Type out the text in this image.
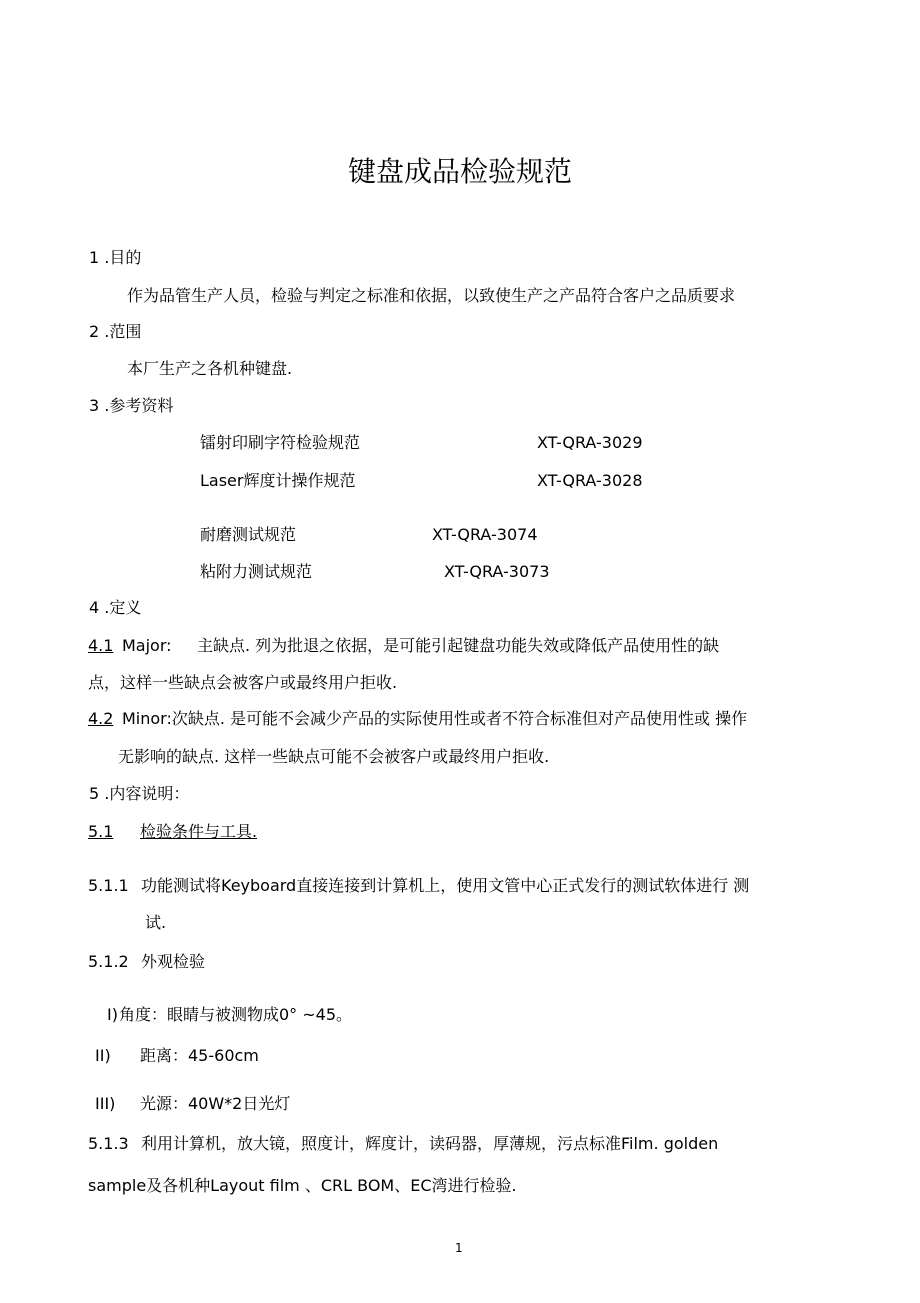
键盘成品检验规范
1 .目的
作为品管生产人员，检验与判定之标准和依据，以致使生产之产品符合客户之品质要求
2 .范围
本厂生产之各机种键盘.
3 .参考资料
镭射印刷字符检验规范	XT-QRA-3029
Laser辉度计操作规范	XT-QRA-3028
耐磨测试规范	XT-QRA-3074
粘附力测试规范	XT-QRA-3073
4 .定义
4.1 Major: 主缺点. 列为批退之依据，是可能引起键盘功能失效或降低产品使用性的缺
点，这样一些缺点会被客户或最终用户拒收.
4.2 Minor:次缺点. 是可能不会减少产品的实际使用性或者不符合标准但对产品使用性或 操作
无影响的缺点. 这样一些缺点可能不会被客户或最终用户拒收.
5 .内容说明：
5.1 检验条件与工具.
5.1.1 功能测试将Keyboard直接连接到计算机上，使用文管中心正式发行的测试软体进行 测
试.
5.1.2 外观检验
I) 角度：眼睛与被测物成0° ~45。
II) 距离：45-60cm
III) 光源：40W*2日光灯
5.1.3 利用计算机，放大镜，照度计，辉度计，读码器，厚薄规，污点标准Film. golden
sample及各机种Layout film 、CRL BOM、EC湾进行检验.
1
